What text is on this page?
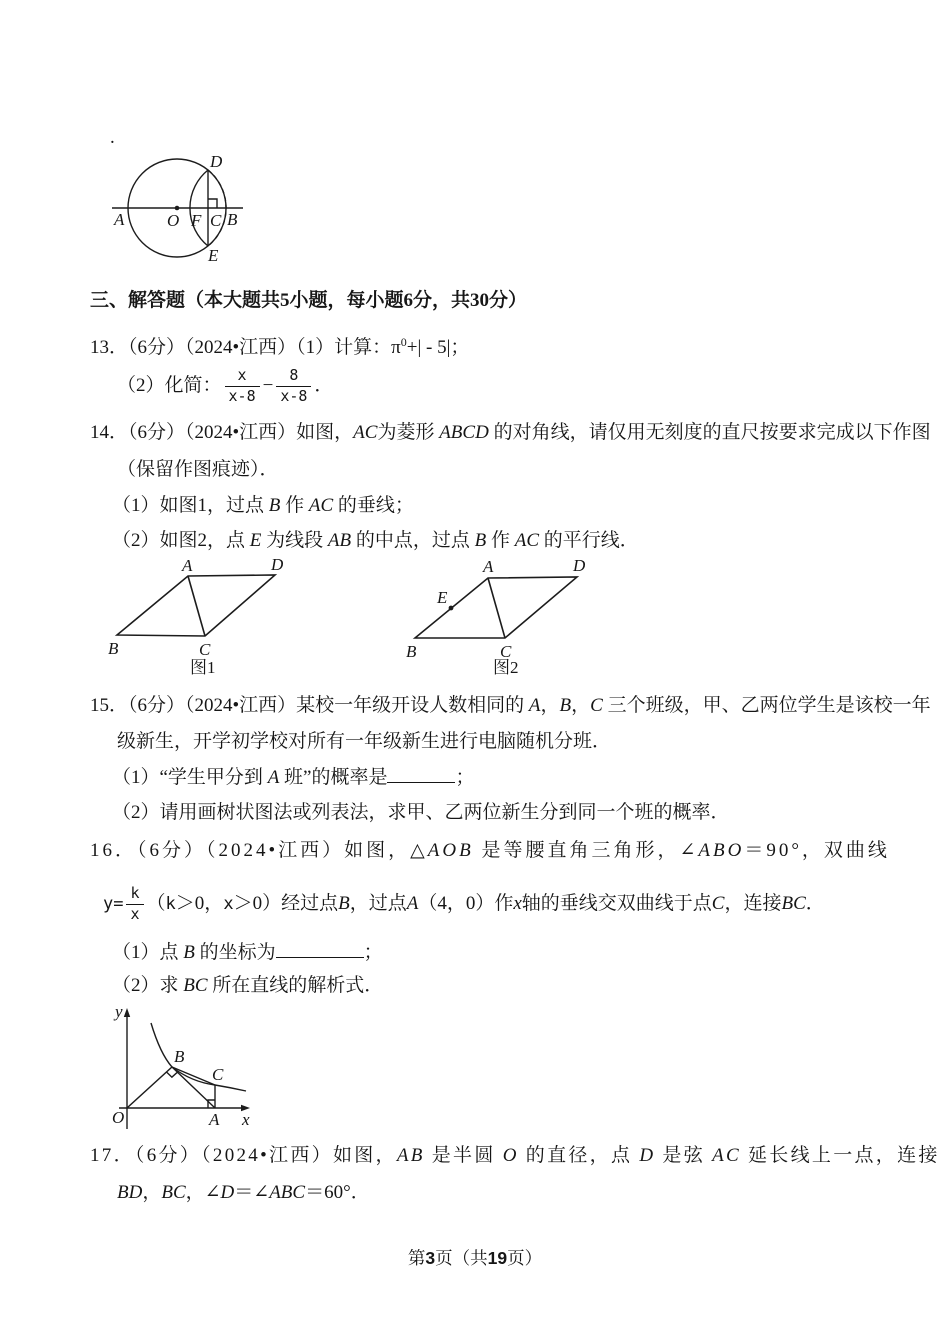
.
A	O F C B
D
E
三、解答题（本大题共5小题，每小题6分，共30分）
13．（6分）（2024•江西）（1）计算：$\pi^0+| - 5|$；
（2）化简： $\frac{x}{x-8} - \frac{8}{x-8}$ ．
14．（6分）（2024•江西）如图，AC为菱形 ABCD 的对角线，请仅用无刻度的直尺按要求完成以下作图
（保留作图痕迹）．
（1）如图1，过点 B 作 AC 的垂线；
（2）如图2，点 E 为线段 AB 的中点，过点 B 作 AC 的平行线．
A	D
B	C
图1
E
A	D
B	C
图2
15．（6分）（2024•江西）某校一年级开设人数相同的 A，B，C 三个班级，甲、乙两位学生是该校一年
级新生，开学初学校对所有一年级新生进行电脑随机分班．
（1）“学生甲分到 A 班”的概率是	；
（2）请用画树状图法或列表法，求甲、乙两位新生分到同一个班的概率．
16．（6分）（2024•江西）如图，△AOB 是等腰直角三角形，∠ABO＝90°，双曲线
$y= \frac{k}{x}$ （ k ＞ 0， x ＞ 0）经过点 B ，过点 A （4，0）作 x 轴的垂线交双曲线于点 C ，连接 BC ．
（1）点 B 的坐标为	；
（2）求 BC 所在直线的解析式．
y
x
O	A
B
C
17．（6分）（2024•江西）如图，AB 是半圆 O 的直径，点 D 是弦 AC 延长线上一点，连接
BD，BC，∠D＝∠ABC＝60°．
第3页（共19页）
